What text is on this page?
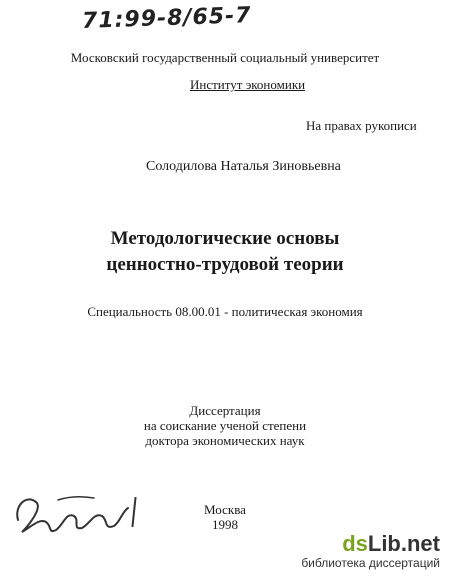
71:99-8/65-7
Московский государственный социальный университет
Институт экономики
На правах рукописи
Солодилова Наталья Зиновьевна
Методологические основы
ценностно-трудовой теории
Специальность 08.00.01 - политическая экономия
Диссертация
на соискание ученой степени
доктора экономических наук
Москва
1998
dsLib.net
библиотека диссертаций
